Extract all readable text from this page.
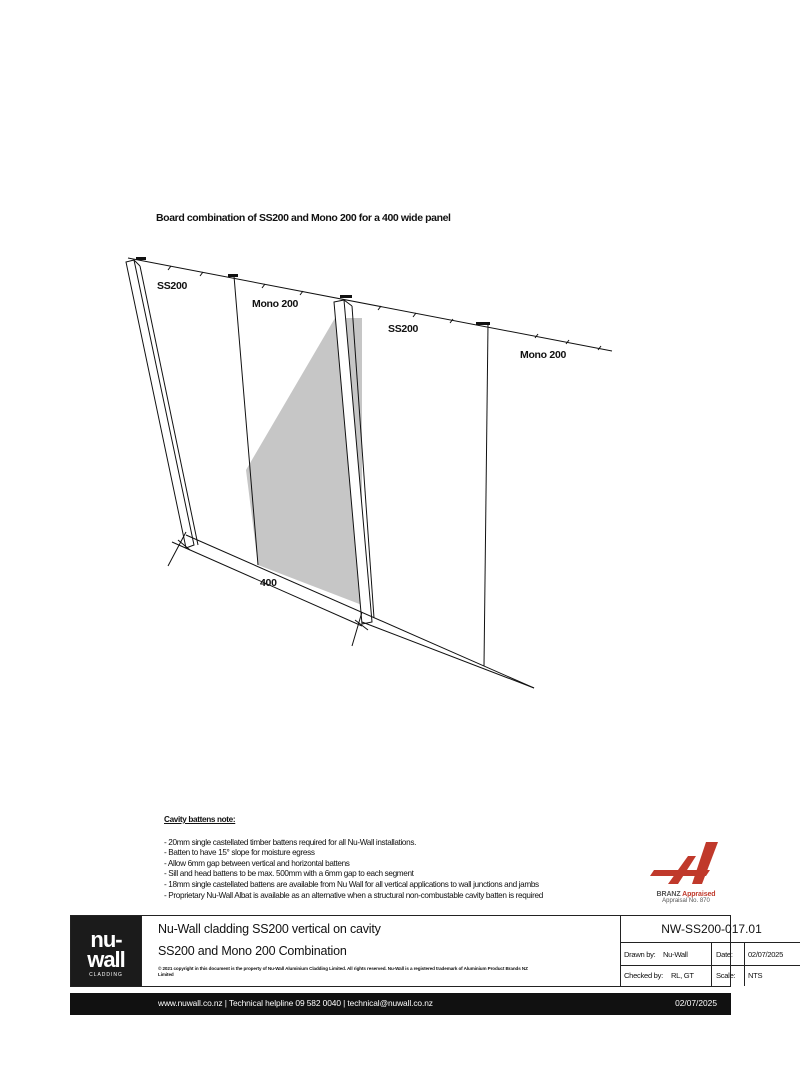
Board combination of SS200 and Mono 200 for a 400 wide panel
SS200
Mono 200
SS200
Mono 200
400
Cavity battens note:
- 20mm single castellated timber battens required for all Nu-Wall installations.
- Batten to have 15° slope for moisture egress
- Allow 6mm gap between vertical and horizontal battens
- Sill and head battens to be max. 500mm with a 6mm gap to each segment
- 18mm single castellated battens are available from Nu Wall for all vertical applications to wall junctions and jambs
- Proprietary Nu-Wall Albat is available as an alternative when a structural non-combustable cavity batten is required	BRANZ Appraised
Appraisal No. 870
nu-
wall
CLADDING
Nu-Wall cladding SS200 vertical on cavity
SS200 and Mono 200 Combination
© 2021 copyright in this document is the property of Nu-Wall Aluminium Cladding Limited. All rights reserved. Nu-Wall is a registered trademark of Aluminium Product Brands NZ Limited
NW-SS200-017.01
Drawn by: Nu-Wall	Date: 02/07/2025
Checked by: RL, GT	Scale: NTS
www.nuwall.co.nz | Technical helpline 09 582 0040 | technical@nuwall.co.nz	02/07/2025
